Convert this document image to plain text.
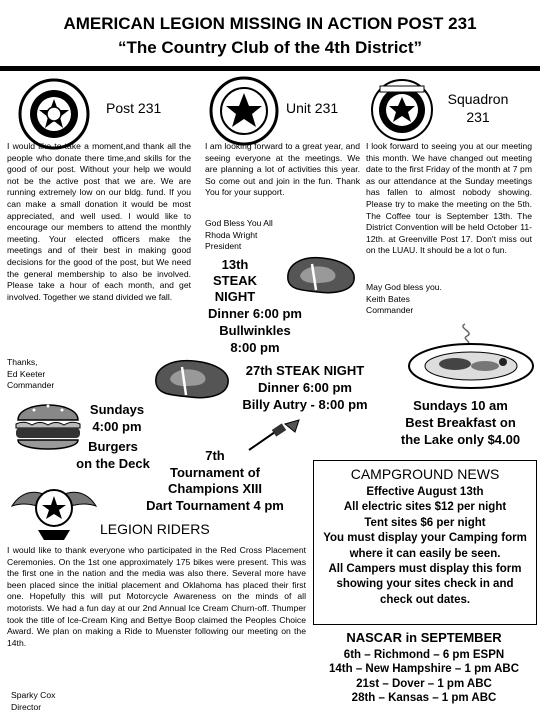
AMERICAN LEGION MISSING IN ACTION POST 231
“The Country Club of the 4th District”
Post 231
I would like to take a moment,and thank all the people who donate there time,and skills for the good of our post. Without your help we would not be the active post that we are. We are running extremely low on our bldg. fund. If you can make a small donation it would be most appreciated, and well used. I would like to encourage our members to attend the monthly meeting. Your elected officers make the meetings and of their best in making good decisions for the good of the post, but We need the general membership to also be involved. Please take a hour of each month, and get involved. Together we stand divided we fall.
Thanks,
Ed Keeter
Commander
Unit 231
I am looking forward to a great year, and seeing everyone at the meetings. We are planning a lot of activities this year. So come out and join in the fun. Thank You for your support.
God Bless You All
Rhoda Wright
President
Squadron
231
I look forward to seeing you at our meeting this month. We have changed out meeting date to the first Friday of the month at 7 pm as our attendance at the Sunday meetings has fallen to almost nobody showing. Please try to make the meeting on the 5th. The Coffee tour is September 13th. The District Convention will be held October 11-12th. at Greenville Post 17. Don't miss out on the LUAU. It should be a lot o fun.
May God bless you.
Keith Bates
Commander
13th
STEAK
NIGHT
Dinner 6:00 pm
Bullwinkles
8:00 pm
27th STEAK NIGHT
Dinner 6:00 pm
Billy Autry - 8:00 pm
Sundays
4:00 pm
Burgers
on the Deck
Sundays 10 am
Best Breakfast on
the Lake only $4.00
7th
Tournament of
Champions XIII
Dart Tournament 4 pm
LEGION RIDERS
I would like to thank everyone who participated in the Red Cross Placement Ceremonies. On the 1st one approximately 175 bikes were present. This was the first one in the nation and the media was also there. Several more have been placed since the initial placement and Oklahoma has placed their first one. Hopefully this will put Motorcycle Awareness on the minds of all motorists. We had a fun day at our 2nd Annual Ice Cream Churn-off. Thumper took the title of Ice-Cream King and Bettye Boop claimed the Peoples Choice Award. We plan on making a Ride to Muenster following our meeting on the 14th.
Sparky Cox
Director
CAMPGROUND NEWS
Effective August 13th
All electric sites $12 per night
Tent sites $6 per night
You must display your Camping form where it can easily be seen.
All Campers must display this form
showing your sites check in and check out dates.
NASCAR in SEPTEMBER
6th – Richmond – 6 pm ESPN
14th – New Hampshire – 1 pm ABC
21st – Dover – 1 pm ABC
28th – Kansas – 1 pm ABC
